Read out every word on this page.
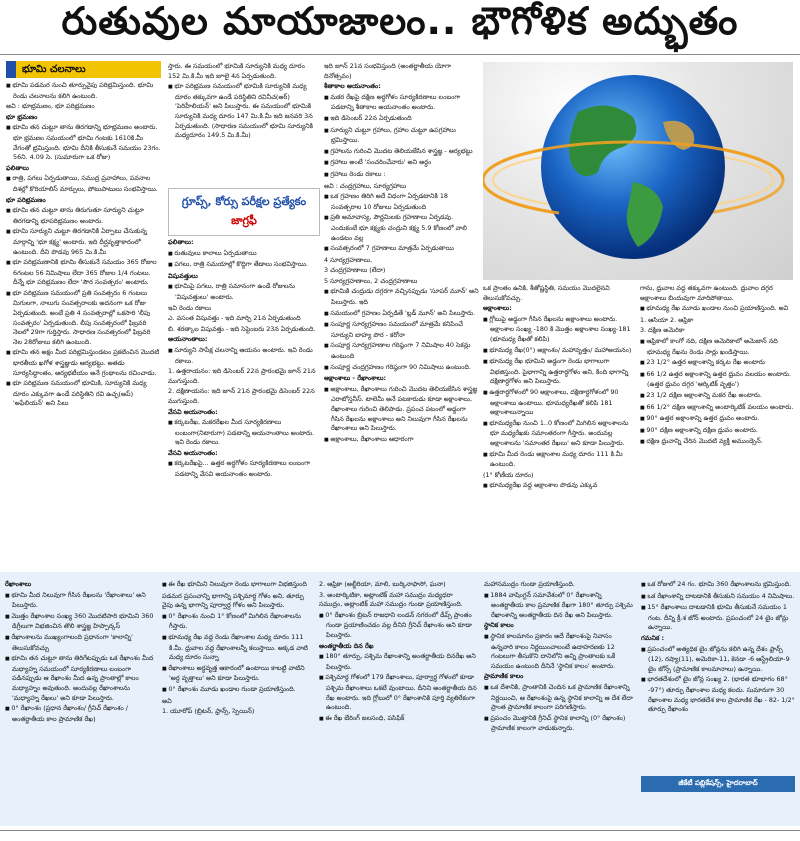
రుతువుల మాయాజాలం.. భౌగోళిక అద్భుతం
భూమి చలనాలు

■ భూమి పడమర నుంచి తూర్పువైపు పరిభ్రమిస్తుంది. భూమి రెండు చలనాలను కలిగి ఉంటుంది.

అవి : భూభ్రమణం, భూ పరిభ్రమణం

భూ భ్రమణం

■ భూమి తన చుట్టూ తాను తిరగడాన్ని భూభ్రమణం అంటారు. భూ భ్రమణం సమయంలో భూమి గంటకు 1610కి.మీ వేగంతో భ్రమిస్తుంది. భూమి దీనికి తీసుకునే సమయం 23గం. 56ని. 4.09 సె. (సుమారుగా ఒక రోజు)

ఫలితాలు

■ రాత్రి, పగలు ఏర్పడుతాయి, సముద్ర ప్రవాహాలు, పవనాల దిశల్లో కొరియాలిస్ మార్పులు, పోటుపాటులు సంభవిస్తాయి.

భూ పరిభ్రమణం

■ భూమి తన చుట్టూ తాను తిరుగుతూ సూర్యుని చుట్టూ తిరగడాన్ని భూపరిభ్రమణం అంటారు.

■ భూమి సూర్యుని చుట్టూ తిరగడానికి ఏర్పాటు చేసుకున్న మార్గాన్ని 'భూ కక్ష్య' అంటారు. ఇది దీర్ఘవృత్తాకారంలో ఉంటుంది. దీని పొడవు 965 మి.కి.మీ

■ భూ పరిభ్రమణానికి భూమి తీసుకునే సమయం 365 రోజుల 6గంటల 56 నిమిషాలు లేదా 365 రోజుల 1/4 గంటలు. దీన్నే భూ పరిభ్రమణం లేదా 'సౌర సంవత్సరం' అంటారు.

■ భూ పరిభ్రమణ సమయంలో ప్రతి సంవత్సరం 6 గంటలు మిగులగా, నాలుగు సంవత్సరాలకు అదనంగా ఒక రోజు ఏర్పడుతుంది. అంటే ప్రతి 4 సంవత్సరాల్లో ఒకసారి 'లీపు సంవత్సరం' ఏర్పడుతుంది. లీపు సంవత్సరంలో ఫిబ్రవరి నెలలో 29గా గుర్తిస్తారు. సాధారణ సంవత్సరంలో ఫిబ్రవరి నెల 28రోజులు కలిగి ఉంటుంది.

■ భూమి తన అక్షం మీద పరిభ్రమిస్తుండటం ప్రకటించిన మొదటి భారతీయ ఖగోళ శాస్త్రజ్ఞుడు ఆర్యభట్టు. అతడు సూర్యసిద్ధాంతం, ఆర్యభటీయం అనే గ్రంథాలను రచించాడు.

■ భూ పరిభ్రమణ సమయంలో భూమికి, సూర్యునికి మధ్య దూరం ఎక్కువగా ఉండే పరిస్థితిని రవి ఉచ్ఛ(అప్) 'అఫేలియన్' అని పిలు

స్తారు. ఈ సమయంలో భూమికి సూర్యునికి మధ్య దూరం 152 మి.కి.మీ ఇది జూలై 4న ఏర్పడుతుంది.

■ భూ పరిభ్రమణ సమయంలో భూమికి సూర్యునికి మధ్య దూరం తక్కువగా ఉండే పరిస్థితిని రవినీచ(అర్) 'పెరిహీలియన్' అని పిలుస్తారు. ఈ సమయంలో భూమికి సూర్యునికి మధ్య దూరం 147 మి.కి.మీ ఇది జనవరి 3న ఏర్పడుతుంది. (సాధారణ సమయంలో భూమి సూర్యునికి మధ్యదూరం 149.5 మి.కి.మీ)

గ్రూప్స్‌, కోర్సు పరీక్షల ప్రత్యేకం
జాగ్రఫీ

ఫలితాలు:

■ రుతువులు కాలాలు ఏర్పడుతాయి

■ పగలు, రాత్రి సమయాల్లో కొద్దిగా తేడాలు సంభవిస్తాయి.

విషువత్తులు

■ భూమిపై పగలు, రాత్రి సమానంగా ఉండే రోజులను 'విషువత్తులు' అంటారు.

ఇవి రెండు రకాలు

ఎ. వసంత విషువత్తు - ఇది మార్చి 21న ఏర్పడుతుంది

బి. శరత్కాల విషువత్తు - ఇది సెప్టెంబరు 23న ఏర్పడుతుంది.

అయనాంతాలు:

■ సూర్యుని సాపేక్ష చలనాన్ని ఆయనం అంటారు. ఇవి రెండు రకాలు.

1. ఉత్తరాయనం: ఇది డిసెంబర్ 22న ప్రారంభమై జూన్ 21న ముగుస్తుంది.

2. దక్షిణాయనం: ఇది జూన్ 21న ప్రారంభమై డిసెంబర్ 22న ముగుస్తుంది.

వేసవి అయనాంతం:

■ కర్కటరేఖ, మకరరేఖల మీద సూర్యకిరణాలు లంబంగా(నిటారుగా) పడటాన్ని అయనాంతాలు అంటారు. ఇవి రెండు రకాలు.

వేసవి అయనాంతం:

■ కర్కటరేఖపై... ఉత్తర అర్ధగోళం సూర్యకిరణాలు లంబంగా పడటాన్ని వేసవి అయనాంతం అంటారు.

ఇది జూన్ 21న సంభవిస్తుంది (అంతర్జాతీయ యోగా దినోత్సవం)

శీతాకాల అయనాంతం:

■ మకర రేఖపై దక్షిణ అర్ధగోళం సూర్యకిరణాలు లంబంగా పడటాన్ని శీతాకాల అయనాంతం అంటారు.

■ ఇది డిసెంబర్ 22న ఏర్పడుతుంది

■ సూర్యుని చుట్టూ గ్రహాలు, గ్రహాల చుట్టూ ఉపగ్రహాలు భ్రమిస్తాయి.

■ గ్రహాలను గురించి మొదట తెలియజేసిన శాస్త్రజ్ఞ - ఆర్యభట్టు

■ గ్రహాలు అంటే 'సంచరించేవారు' అని అర్థం

■ గ్రహాలు రెండు రకాలు :

అవి : చంద్రగ్రహాలు, సూర్యగ్రహాలు

■ ఒక గ్రహణం తిరిగి అదే విధంగా ఏర్పడటానికి 18 సంవత్సరాల 10 రోజులు ఏర్పడుతుంది

■ ప్రతి అమావాస్య, పౌర్ణమిలకు గ్రహణాలు ఏర్పడవు. ఎందుకంటే భూ కక్ష్యకు చంద్రుని కక్ష్య 5.9 కోణంలో వాలి ఉండటం వల్ల

■ సంవత్సరంలో 7 గ్రహణాలు మాత్రమే ఏర్పడుతాయి

4 సూర్యగ్రహణాలు,

3 చంద్రగ్రహణాలు (లేదా)

5 సూర్యగ్రహణాలు, 2 చంద్రగ్రహణాలు

■ భూమికి చంద్రుడు దగ్గరగా వచ్చినప్పుడు 'సూపర్ మూన్' అని పిలుస్తారు. ఇది

■ సమయంలో గ్రహణం ఏర్పడితే 'బ్లడ్ మూన్' అని పిలుస్తారు.

■ సంపూర్ణ సూర్యగ్రహణం సమయంలో మాత్రమే కనిపించే సూర్యుని బాహ్య పొర - కరోనా

■ సంపూర్ణ సూర్యగ్రహణాల గరిష్ఠంగా 7 నిమిషాల 40 సెకన్లు ఉంటుంది

■ సంపూర్ణ చంద్రగ్రహణం గరిష్ఠంగా 90 నిమిషాలు ఉంటుంది.

అక్షాంశాలు - రేఖాంశాలు:

■ అక్షాంశాలు, రేఖాంశాలు గురించి మొదట తెలియజేసిన శాస్త్రజ్ఞ ఎరాటోస్తనీస్. టాలెమీ అనే పటకారుడు కూడా అక్షాంశాలు, రేఖాంశాలు గురించి తెలిపాడు. ప్రపంచ పటంలో అడ్డంగా గీసిన రేఖలను అక్షాంశాలు అని నిలువుగా గీసిన రేఖలను రేఖాంశాలు అని పిలుస్తారు.

■ అక్షాంశాలు, రేఖాంశాలు ఆధారంగా

ఒక ప్రాంతం ఉనికి, శీతోష్ణస్థితి, సమయం మొదలైనవి తెలుసుకోవచ్చు.

అక్షాంశాలు:

■ గ్లోబుపై అడ్డంగా గీసిన రేఖలను అక్షాంశాలు అంటారు. అక్షాంశాల సంఖ్య -180 కి మొత్తం అక్షాంశాల సంఖ్య-181 (భూమధ్య రేఖతో కలిపి)

■ భూమధ్య రేఖ(0°) అక్షాంశం/ మహావృత్తం/ మహాఅయనం)

■ భూమధ్య రేఖ భూమిని అడ్డంగా రెండు భాగాలుగా విభజిస్తుంది. పైభాగాన్ని ఉత్తరార్ధగోళం అని, కింది భాగాన్ని దక్షిణార్ధగోళం అని పిలుస్తారు.

■ ఉత్తరార్ధగోళంలో 90 అక్షాంశాలు, దక్షిణార్ధగోళంలో 90 అక్షాంశాలు ఉంటాయి. భూమధ్యరేఖతో కలిపి 181 అక్షాంశాలున్నాయి

■ భూమధ్యరేఖ నుంచి 1..0 కోణంలో మిగిలిన అక్షాంశాలను భూ మధ్యరేఖకు సమాంతరంగా గీస్తారు. అందువల్ల అక్షాంశాలను 'సమాంతర రేఖలు' అని కూడా పిలుస్తారు.

■ భూమి మీద రెండు అక్షాంశాల మధ్య దూరం 111 కి.మీ ఉంటుంది.

(1° కోణీయ దూరం)

■ భూమధ్యరేఖ వద్ద అక్షాంశాల పొడవు ఎక్కువ

గాను, ధ్రువాల వద్ద తక్కువగా ఉంటుంది. ధ్రువాల దగ్గర అక్షాంశాలు బిందువుగా మారిపోతాయి.

■ భూమధ్య రేఖ మూడు ఖండాల నుంచి ప్రయాణిస్తుంది. అవి

1. ఆసియా 2. ఆఫ్రికా

3. దక్షిణ అమెరికా

■ ఆఫ్రికాలో కాంగో నది, దక్షిణ అమెరికాలో అమెజాన్ నది భూమధ్య రేఖను రెండు సార్లు ఖండిస్తాయి.

■ 23 1/2° ఉత్తర అక్షాంశాన్ని కర్కట రేఖ అంటారు

■ 66 1/2 ఉత్తర అక్షాంశాన్ని ఉత్తర ధ్రువం వలయం అంటారు. (ఉత్తర ధ్రువం దగ్గర 'ఆర్కిటిక్ వృత్తం')

■ 23 1/2 దక్షిణ అక్షాంశాన్ని మకర రేఖ అంటారు.

■ 66 1/2° దక్షిణ అక్షాంశాన్ని అంటార్కిటిక్ వలయం అంటారు.

■ 90° ఉత్తర అక్షాంశాన్ని ఉత్తర ధ్రువం అంటారు.

■ 90° దక్షిణ అక్షాంశాన్ని దక్షిణ ధ్రువం అంటారు.

■ దక్షిణ ధ్రువాన్ని చేరిన మొదటి వ్యక్తి అముండ్సెన్.

రేఖాంశాలు

■ భూమి మీద నిలువుగా గీసిన రేఖలను 'రేఖాంశాలు' అని పిలుస్తారు.

■ మొత్తం రేఖాంశాల సంఖ్య 360 మొదటిసారి భూమిని 360 డిగ్రీలుగా విభజించిన తొలి శాస్త్రజ్ఞ హిప్పార్కస్

■ రేఖాంశాలను ముఖ్యంగాలంది ప్రధానంగా 'కాలాన్ని' తెలుసుకోవచ్చు

■ భూమి తన చుట్టూ తాను తిరిగేటప్పుడు ఒక రేఖాంశం మీద మధ్యాహ్న సమయంలో సూర్యకిరణాలు లంబంగా పడినప్పుడు ఆ రేఖాంశం మీద ఉన్న ప్రాంతాల్లో కాలం మధ్యాహ్నం అవుతుంది. అందువల్ల రేఖాంశాలను 'మధ్యాహ్న రేఖలు' అని కూడా పిలుస్తారు.

■ 0° రేఖాంశం (ప్రధాన రేఖాంశం/ గ్రీనిచ్ రేఖాంశం / అంతర్జాతీయ కాల ప్రామాణిక రేఖ)

■ ఈ రేఖ భూమిని నిలువుగా రెండు భాగాలుగా విభజిస్తుంది

పడమర ప్రపంచాన్ని భాగాన్ని పశ్చిమార్ధ గోళం అని, తూర్పు వైపు ఉన్న భాగాన్ని పూర్వార్ధ గోళం అని పిలుస్తారు.

■ 0° రేఖాంశం నుంచి 1° కోణంలో మిగిలిన రేఖాంశాలను గీస్తారు.

■ భూమధ్య రేఖ వద్ద రెండు రేఖాంశాల మధ్య దూరం 111 కి.మీ. ధ్రువాల వద్ద రేఖాంశాలన్నీ కలుస్తాయి. అక్కడ వాటి మధ్య దూరం సున్నా

■ రేఖాంశాలు అర్ధవృత్త ఆకారంలో ఉంటాయి కాబట్టి వాటిని 'అర్ధ వృత్తాలు' అని కూడా పిలుస్తారు.

■ 0° రేఖాంశం మూడు ఖండాల గుండా ప్రయాణిస్తుంది.

అవి

1. యూరోప్ (బ్రిటన్, ఫ్రాన్స్, స్పెయిన్)

2. ఆఫ్రికా (అల్జీరియా, మాలి, బుర్కినాఫాసో, ఘనా)

3. అంటార్కిటికా, అట్లాంటిక్ మహా సముద్రం మధ్యధరా సముద్రం, అట్లాంటిక్ మహా సముద్రం గుండా ప్రయాణిస్తుంది.

■ 0° రేఖాంశం బ్రిటన్ రాజధాని లండన్ నగరంలో డీప్స్ ప్రాంతం గుండా ప్రయాణించడం వల్ల దీనిని గ్రీనిచ్ రేఖాంశం అని కూడా పిలుస్తారు.

అంతర్జాతీయ దిన రేఖ

■ 180° తూర్పు, పశ్చిమ రేఖాంశాన్ని అంతర్జాతీయ దినరేఖ అని పిలుస్తారు.

■ పశ్చిమార్ధ గోళంలో 179 రేఖాంశాలు, పూర్వార్ధ గోళంలో కూడా పశ్చిమ రేఖాంశాలు ఒకటే వుంటాయి. దీనిని అంతర్జాతీయ దిన రేఖ అంటారు. ఇది గ్లోబులో 0° రేఖాంశానికి పూర్తి వ్యతిరేకంగా ఉంటుంది.

■ ఈ రేఖ బేరింగ్ జలసంధి, పసిఫిక్

మహాసముద్రం గుండా ప్రయాణిస్తుంది.

■ 1884 వాషింగ్టన్ సమావేశంలో 0° రేఖాంశాన్ని అంతర్జాతీయ కాల ప్రమాణిక రేఖగా 180° తూర్పు పశ్చిమ రేఖాంశాన్ని అంతర్జాతీయ దిన రేఖ అని పిలుస్తారు.

స్థానిక కాలం

■ స్థానిక కాలమానం ప్రకారం అదే రేఖాంశంపై నివాసం ఉన్నవారి కాలం నిర్ణయించాలంటే ఉదాహరణకు 12 గంటలుగా తీసుకొని దానిలోని అన్ని ప్రాంతాలకు ఒకే సమయం ఉంటుంది దీనినే 'స్థానిక కాలం' అంటారు.

ప్రామాణిక కాలం

■ ఒక దేశానికి, ప్రాంతానికి చెందిన ఒక ప్రామాణిక రేఖాంశాన్ని నిర్ణయించి, ఆ రేఖాంశంపై ఉన్న స్థానిక కాలాన్ని ఆ దేశ లేదా ప్రాంత ప్రామాణిక కాలంగా పరిగణిస్తారు.

■ ప్రపంచం మొత్తానికి గ్రీనిచ్ స్థానిక కాలాన్ని (0° రేఖాంశం) ప్రామాణిక కాలంగా వాడుకున్నారు.

■ ఒక రోజులో 24 గం. భూమి 360 రేఖాంశాలను భ్రమిస్తుంది.

■ ఒక రేఖాంశాన్ని దాటడానికి తీసుకుని సమయం 4 నిమిషాలు.

■ 15° రేఖాంశాలు దాటడానికి భూమి తీసుకునే సమయం 1 గంట. దీన్ని క్రీ.శ జోన్ అంటారు. ప్రపంచంలో 24 టైం జోన్లు ఉన్నాయి.

గమనిక :

■ ప్రపంచంలో అత్యధిక టైం జోన్లను కలిగి ఉన్న దేశం ఫ్రాన్స్ (12), రష్యా(11), అమెరికా-11, కెనడా -6 ఆస్ట్రేలియా-9 టైం జోన్స్ (ప్రామాణిక కాలమానాలు) ఉన్నాయి.

■ భారతదేశంలో టైం జోన్ల సంఖ్య 2. (భారత భూభాగం 68° -97°) తూర్పు రేఖాంశాల మధ్య కలదు. సుమారుగా 30 రేఖాంశాల మధ్య భారతదేశ కాల ప్రామాణిక రేఖ - 82- 1/2° తూర్పు రేఖాంశం

జీకేటీ పబ్లికేషన్స్, హైదరాబాద్
